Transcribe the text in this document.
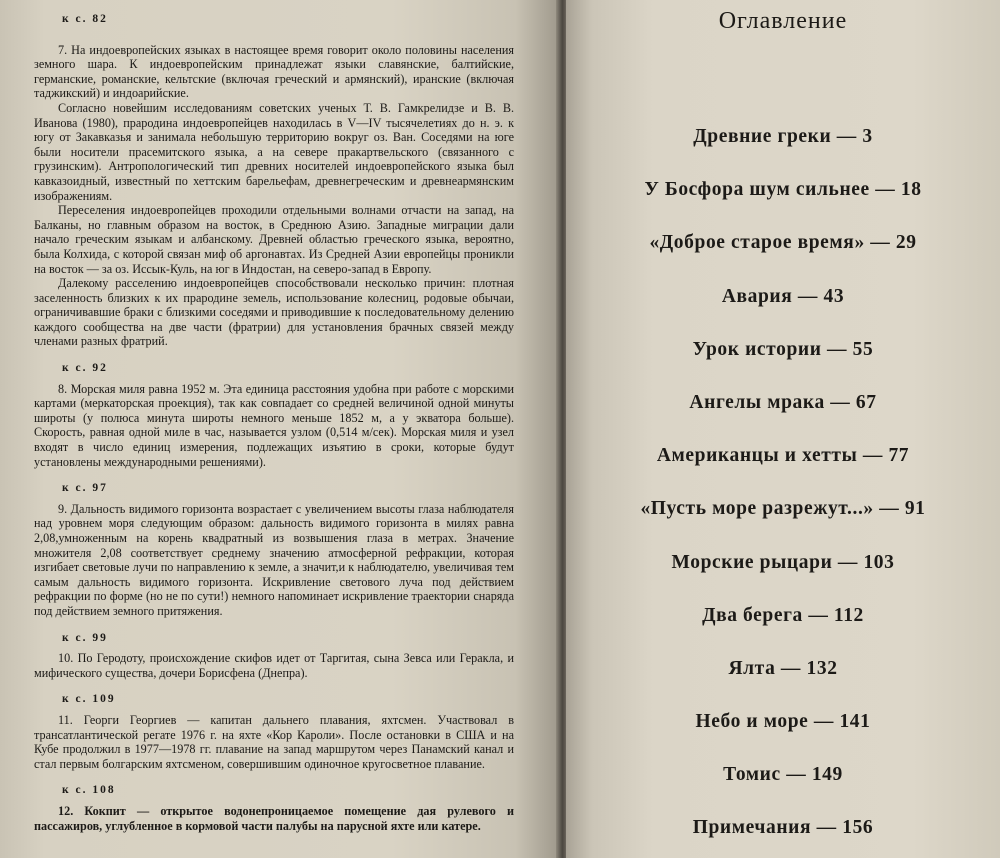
к с. 82

7. На индоевропейских языках в настоящее время говорит около половины населения земного шара. К индоевропейским принадлежат языки славянские, балтийские, германские, романские, кельтские (включая греческий и армянский), иранские (включая таджикский) и индоарийские.

Согласно новейшим исследованиям советских ученых Т. В. Гамкрелидзе и В. В. Иванова (1980), прародина индоевропейцев находилась в V—IV тысячелетиях до н. э. к югу от Закавказья и занимала небольшую территорию вокруг оз. Ван. Соседями на юге были носители прасемитского языка, а на севере пракартвельского (связанного с грузинским). Антропологический тип древних носителей индоевропейского языка был кавказоидный, известный по хеттским барельефам, древнегреческим и древнеармянским изображениям.

Переселения индоевропейцев проходили отдельными волнами отчасти на запад, на Балканы, но главным образом на восток, в Среднюю Азию. Западные миграции дали начало греческим языкам и албанскому. Древней областью греческого языка, вероятно, была Колхида, с которой связан миф об аргонавтах. Из Средней Азии европейцы проникли на восток — за оз. Иссык-Куль, на юг в Индостан, на северо-запад в Европу.

Далекому расселению индоевропейцев способствовали несколько причин: плотная заселенность близких к их прародине земель, использование колесниц, родовые обычаи, ограничивавшие браки с близкими соседями и приводившие к последовательному делению каждого сообщества на две части (фратрии) для установления брачных связей между членами разных фратрий.

к с. 92

8. Морская миля равна 1952 м. Эта единица расстояния удобна при работе с морскими картами (меркаторская проекция), так как совпадает со средней величиной одной минуты широты (у полюса минута широты немного меньше 1852 м, а у экватора больше). Скорость, равная одной миле в час, называется узлом (0,514 м/сек). Морская миля и узел входят в число единиц измерения, подлежащих изъятию в сроки, которые будут установлены международными решениями).

к с. 97

9. Дальность видимого горизонта возрастает с увеличением высоты глаза наблюдателя над уровнем моря следующим образом: дальность видимого горизонта в милях равна 2,08,умноженным на корень квадратный из возвышения глаза в метрах. Значение множителя 2,08 соответствует среднему значению атмосферной рефракции, которая изгибает световые лучи по направлению к земле, а значит,и к наблюдателю, увеличивая тем самым дальность видимого горизонта. Искривление светового луча под действием рефракции по форме (но не по сути!) немного напоминает искривление траектории снаряда под действием земного притяжения.

к с. 99

10. По Геродоту, происхождение скифов идет от Таргитая, сына Зевса или Геракла, и мифического существа, дочери Борисфена (Днепра).

к с. 109

11. Георги Георгиев — капитан дальнего плавания, яхтсмен. Участвовал в трансатлантической регате 1976 г. на яхте «Кор Кароли». После остановки в США и на Кубе продолжил в 1977—1978 гг. плавание на запад маршрутом через Панамский канал и стал первым болгарским яхтсменом, совершившим одиночное кругосветное плавание.

к с. 108

12. Кокпит — открытое водонепроницаемое помещение дая рулевого и пассажиров, углубленное в кормовой части палубы на парусной яхте или катере.

Оглавление
Древние греки — 3
У Босфора шум сильнее — 18
«Доброе старое время» — 29
Авария — 43
Урок истории — 55
Ангелы мрака — 67
Американцы и хетты — 77
«Пусть море разрежут...» — 91
Морские рыцари — 103
Два берега — 112
Ялта — 132
Небо и море — 141
Томис — 149
Примечания — 156
